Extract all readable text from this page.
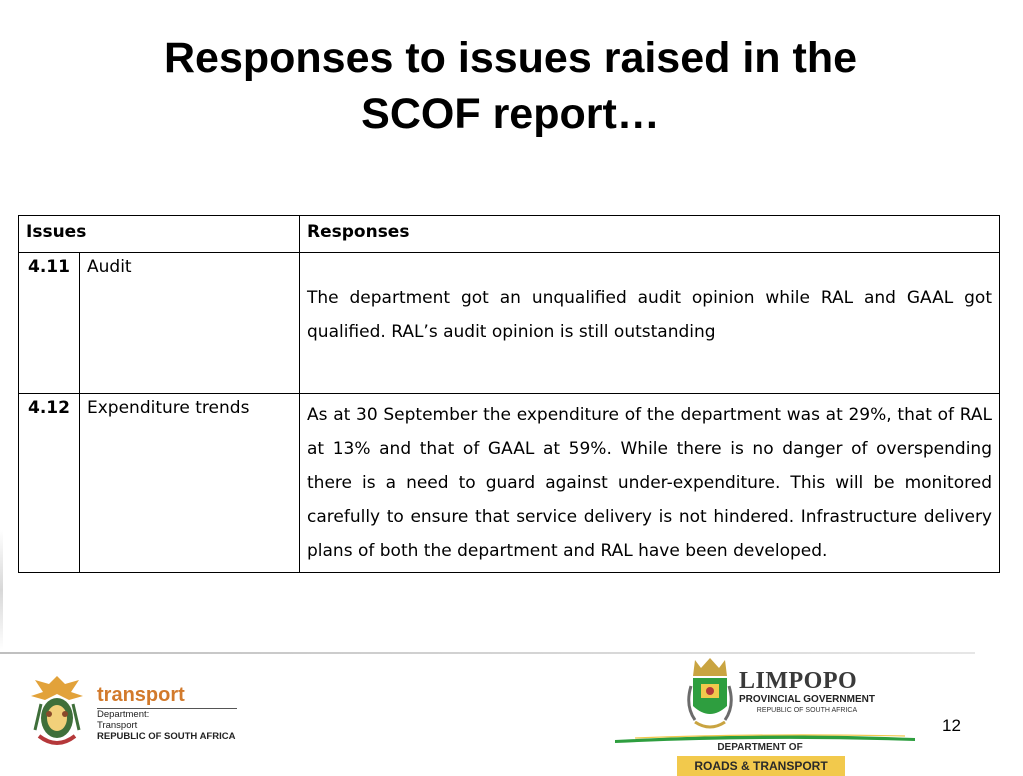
Responses to issues raised in the
SCOF report…
Issues		Responses
4.11	Audit	The department got an unqualified audit opinion while RAL and GAAL got qualified. RAL’s audit opinion is still outstanding
4.12	Expenditure trends	As at 30 September the expenditure of the department was at 29%, that of RAL at 13% and that of GAAL at 59%. While there is no danger of overspending there is a need to guard against under-expenditure. This will be monitored carefully to ensure that service delivery is not hindered. Infrastructure delivery plans of both the department and RAL have been developed.
transport
Department:
Transport
REPUBLIC OF SOUTH AFRICA
LIMPOPO
PROVINCIAL GOVERNMENT
REPUBLIC OF SOUTH AFRICA
DEPARTMENT OF
ROADS & TRANSPORT
12
